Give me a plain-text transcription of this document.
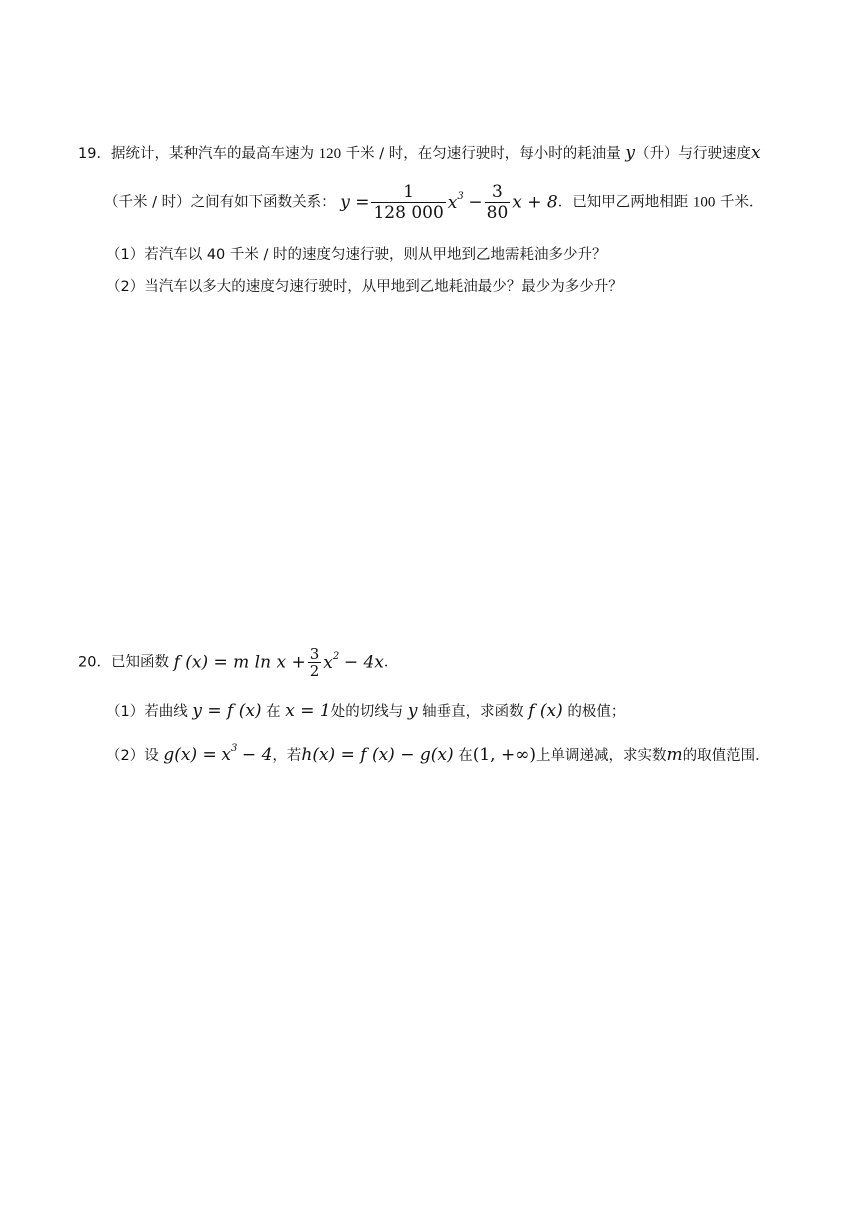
19．据统计，某种汽车的最高车速为 120 千米 / 时，在匀速行驶时，每小时的耗油量 y（升）与行驶速度x
（千米 / 时）之间有如下函数关系： $y = \frac{1}{128 000} x^3 - \frac{3}{80}$ x + 8．已知甲乙两地相距 100 千米．
（1）若汽车以 40 千米 / 时的速度匀速行驶，则从甲地到乙地需耗油多少升？
（2）当汽车以多大的速度匀速行驶时，从甲地到乙地耗油最少？最少为多少升？
20．已知函数 f (x) = m $\ln x + \frac{3}{2} x^2 - 4x$．
（1）若曲线 y = f (x) 在 x = 1处的切线与 y 轴垂直，求函数 f (x) 的极值；
（2）设 $g(x) = x^3 - 4$，若h(x) = f (x) − g(x) 在(1, +∞)上单调递减，求实数m的取值范围．
